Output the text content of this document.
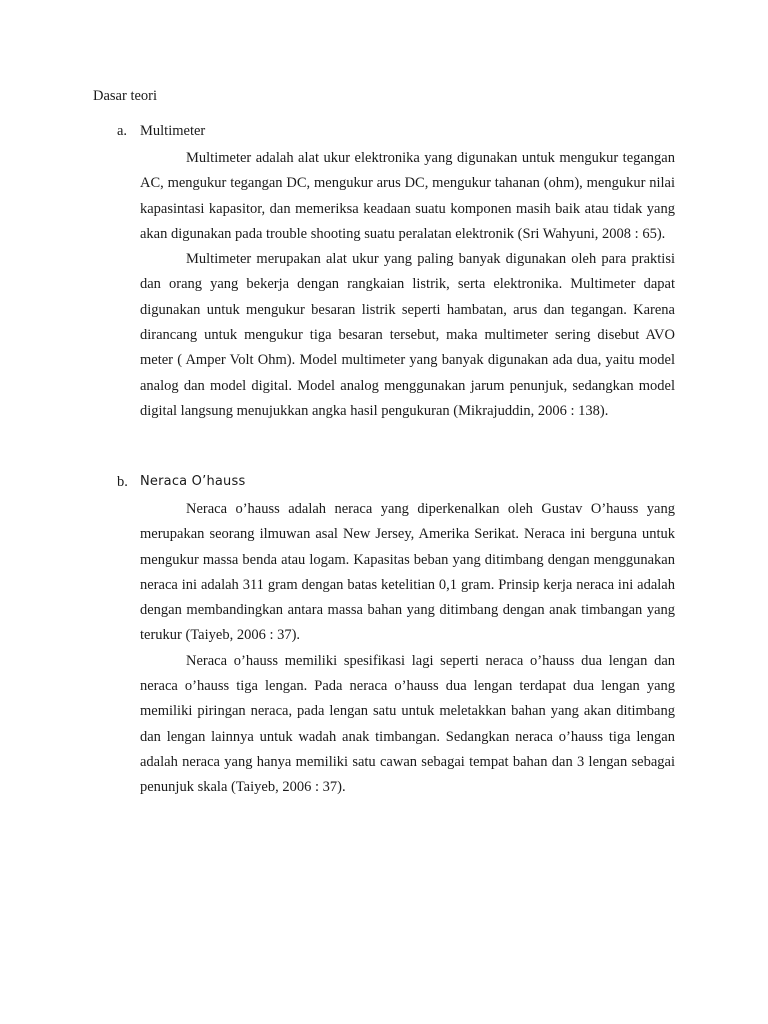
Dasar teori
a. Multimeter

Multimeter adalah alat ukur elektronika yang digunakan untuk mengukur tegangan AC, mengukur tegangan DC, mengukur arus DC, mengukur tahanan (ohm), mengukur nilai kapasintasi kapasitor, dan memeriksa keadaan suatu komponen masih baik atau tidak yang akan digunakan pada trouble shooting suatu peralatan elektronik (Sri Wahyuni, 2008 : 65).

Multimeter merupakan alat ukur yang paling banyak digunakan oleh para praktisi dan orang yang bekerja dengan rangkaian listrik, serta elektronika. Multimeter dapat digunakan untuk mengukur besaran listrik seperti hambatan, arus dan tegangan. Karena dirancang untuk mengukur tiga besaran tersebut, maka multimeter sering disebut AVO meter ( Amper Volt Ohm). Model multimeter yang banyak digunakan ada dua, yaitu model analog dan model digital. Model analog menggunakan jarum penunjuk, sedangkan model digital langsung menujukkan angka hasil pengukuran (Mikrajuddin, 2006 : 138).

b. Neraca O’hauss

Neraca o’hauss adalah neraca yang diperkenalkan oleh Gustav O’hauss yang merupakan seorang ilmuwan asal New Jersey, Amerika Serikat. Neraca ini berguna untuk mengukur massa benda atau logam. Kapasitas beban yang ditimbang dengan menggunakan neraca ini adalah 311 gram dengan batas ketelitian 0,1 gram. Prinsip kerja neraca ini adalah dengan membandingkan antara massa bahan yang ditimbang dengan anak timbangan yang terukur (Taiyeb, 2006 : 37).

Neraca o’hauss memiliki spesifikasi lagi seperti neraca o’hauss dua lengan dan neraca o’hauss tiga lengan. Pada neraca o’hauss dua lengan terdapat dua lengan yang memiliki piringan neraca, pada lengan satu untuk meletakkan bahan yang akan ditimbang dan lengan lainnya untuk wadah anak timbangan. Sedangkan neraca o’hauss tiga lengan adalah neraca yang hanya memiliki satu cawan sebagai tempat bahan dan 3 lengan sebagai penunjuk skala (Taiyeb, 2006 : 37).
